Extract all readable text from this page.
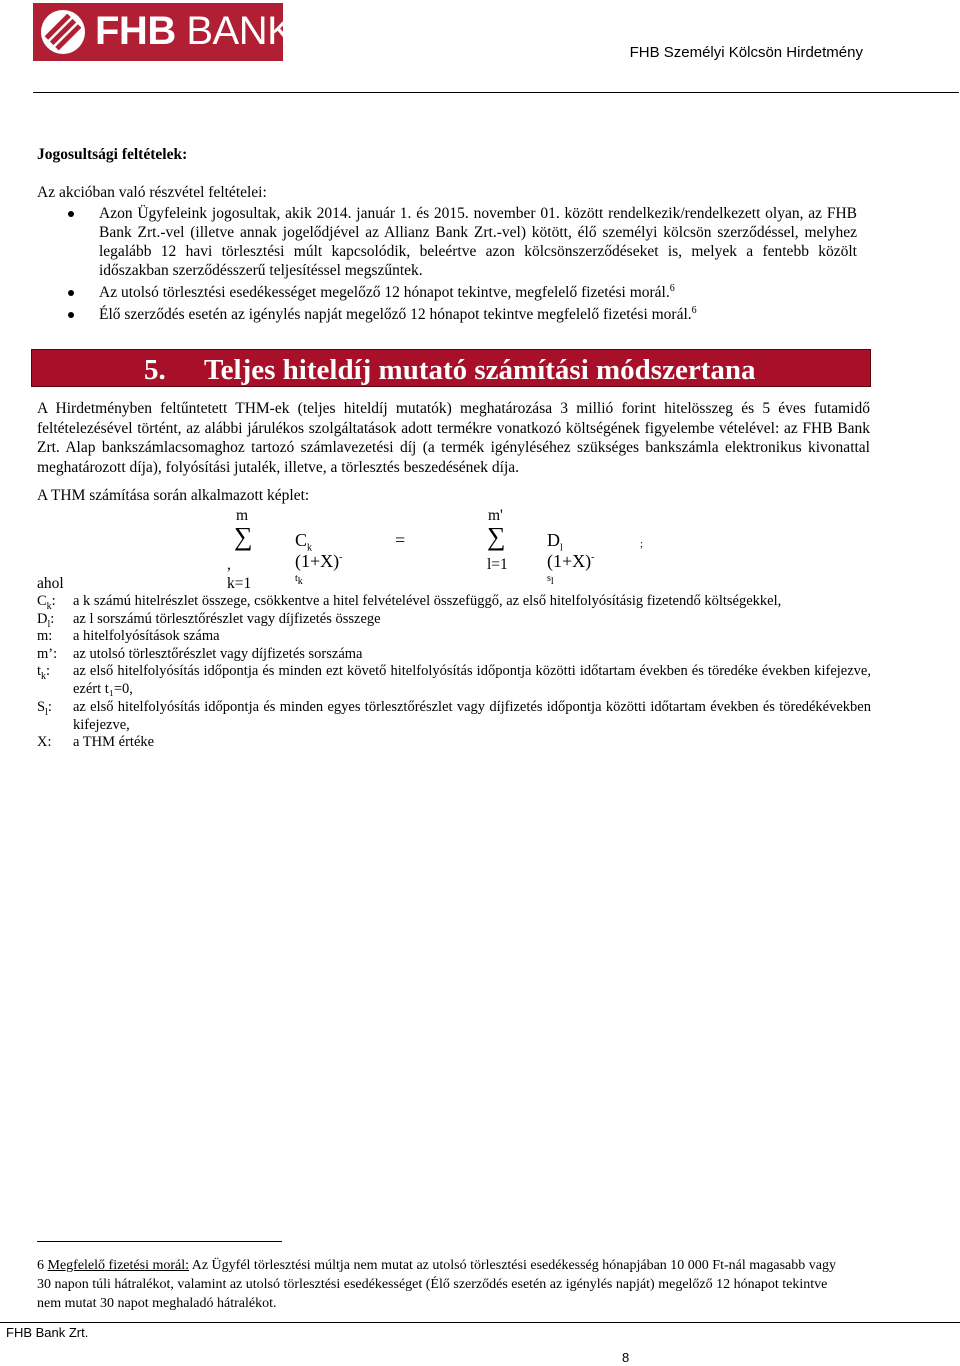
FHB BANK	FHB Személyi Kölcsön Hirdetmény
Jogosultsági feltételek:
Az akcióban való részvétel feltételei:
Azon Ügyfeleink jogosultak, akik 2014. január 1. és 2015. november 01. között rendelkezik/rendelkezett olyan, az FHB Bank Zrt.-vel (illetve annak jogelődjével az Allianz Bank Zrt.-vel) kötött, élő személyi kölcsön szerződéssel, melyhez legalább 12 havi törlesztési múlt kapcsolódik, beleértve azon kölcsönszerződéseket is, melyek a fentebb közölt időszakban szerződésszerű teljesítéssel megszűntek.
Az utolsó törlesztési esedékességet megelőző 12 hónapot tekintve, megfelelő fizetési morál.$^6$
Élő szerződés esetén az igénylés napját megelőző 12 hónapot tekintve megfelelő fizetési morál.$^6$
5. Teljes hiteldíj mutató számítási módszertana
A Hirdetményben feltűntetett THM-ek (teljes hiteldíj mutatók) meghatározása 3 millió forint hitelösszeg és 5 éves futamidő feltételezésével történt, az alábbi járulékos szolgáltatások adott termékre vonatkozó költségének figyelembe vételével: az FHB Bank Zrt. Alap bankszámlacsomaghoz tartozó számlavezetési díj (a termék igényléséhez szükséges bankszámla elektronikus kivonattal meghatározott díja), folyósítási jutalék, illetve, a törlesztés beszedésének díja.
A THM számítása során alkalmazott képlet:
m
∑
, k=1
$C_k$ $(1+X)^{-t_k}$
=
m'
∑
l=1
$D_l$ $(1+X)^{-s_l}$
;
ahol
$C_k$:	a k számú hitelrészlet összege, csökkentve a hitel felvételével összefüggő, az első hitelfolyósításig fizetendő költségekkel,
$D_l$:	az l sorszámú törlesztőrészlet vagy díjfizetés összege
m:	a hitelfolyósítások száma
m’:	az utolsó törlesztőrészlet vagy díjfizetés sorszáma
$t_k$:	az első hitelfolyósítás időpontja és minden ezt követő hitelfolyósítás időpontja közötti időtartam években és töredéke években kifejezve, ezért t₁=0,
$S_l$:	az első hitelfolyósítás időpontja és minden egyes törlesztőrészlet vagy díjfizetés időpontja közötti időtartam években és töredékévekben kifejezve,
X:	a THM értéke
6 Megfelelő fizetési morál: Az Ügyfél törlesztési múltja nem mutat az utolsó törlesztési esedékesség hónapjában 10 000 Ft-nál magasabb vagy 30 napon túli hátralékot, valamint az utolsó törlesztési esedékességet (Élő szerződés esetén az igénylés napját) megelőző 12 hónapot tekintve nem mutat 30 napot meghaladó hátralékot.
FHB Bank Zrt.
8
